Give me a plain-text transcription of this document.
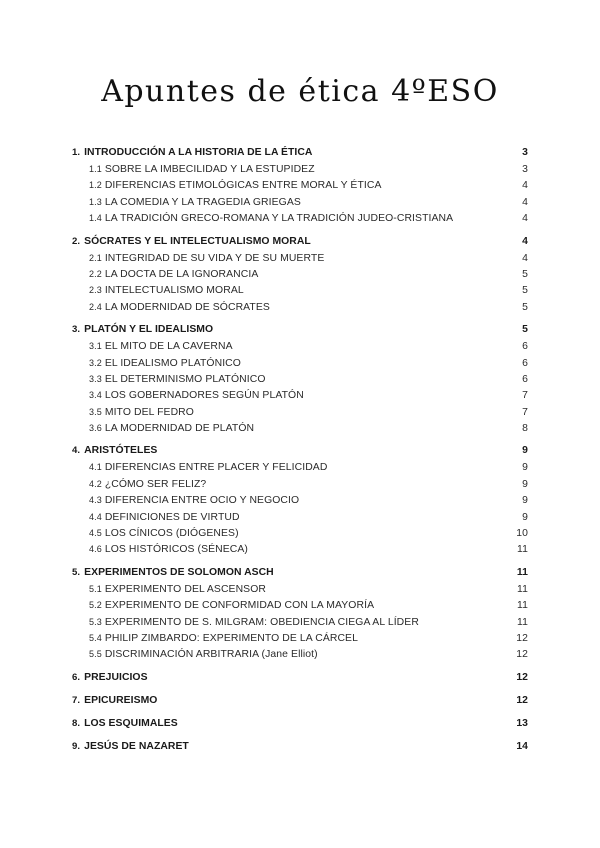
Apuntes de ética 4ºESO
1. INTRODUCCIÓN A LA HISTORIA DE LA ÉTICA	3
1.1 SOBRE LA IMBECILIDAD Y LA ESTUPIDEZ	3
1.2 DIFERENCIAS ETIMOLÓGICAS ENTRE MORAL Y ÉTICA	4
1.3 LA COMEDIA Y LA TRAGEDIA GRIEGAS	4
1.4 LA TRADICIÓN GRECO-ROMANA Y LA TRADICIÓN JUDEO-CRISTIANA	4
2. SÓCRATES Y EL INTELECTUALISMO MORAL	4
2.1 INTEGRIDAD DE SU VIDA Y DE SU MUERTE	4
2.2 LA DOCTA DE LA IGNORANCIA	5
2.3 INTELECTUALISMO MORAL	5
2.4 LA MODERNIDAD DE SÓCRATES	5
3. PLATÓN Y EL IDEALISMO	5
3.1 EL MITO DE LA CAVERNA	6
3.2 EL IDEALISMO PLATÓNICO	6
3.3 EL DETERMINISMO PLATÓNICO	6
3.4 LOS GOBERNADORES SEGÚN PLATÓN	7
3.5 MITO DEL FEDRO	7
3.6 LA MODERNIDAD DE PLATÓN	8
4. ARISTÓTELES	9
4.1 DIFERENCIAS ENTRE PLACER Y FELICIDAD	9
4.2 ¿CÓMO SER FELIZ?	9
4.3 DIFERENCIA ENTRE OCIO Y NEGOCIO	9
4.4 DEFINICIONES DE VIRTUD	9
4.5 LOS CÍNICOS (DIÓGENES)	10
4.6 LOS HISTÓRICOS (SÉNECA)	11
5. EXPERIMENTOS DE SOLOMON ASCH	11
5.1 EXPERIMENTO DEL ASCENSOR	11
5.2 EXPERIMENTO DE CONFORMIDAD CON LA MAYORÍA	11
5.3 EXPERIMENTO DE S. MILGRAM: OBEDIENCIA CIEGA AL LÍDER	11
5.4 PHILIP ZIMBARDO: EXPERIMENTO DE LA CÁRCEL	12
5.5 DISCRIMINACIÓN ARBITRARIA (Jane Elliot)	12
6. PREJUICIOS	12
7. EPICUREISMO	12
8. LOS ESQUIMALES	13
9. JESÚS DE NAZARET	14
